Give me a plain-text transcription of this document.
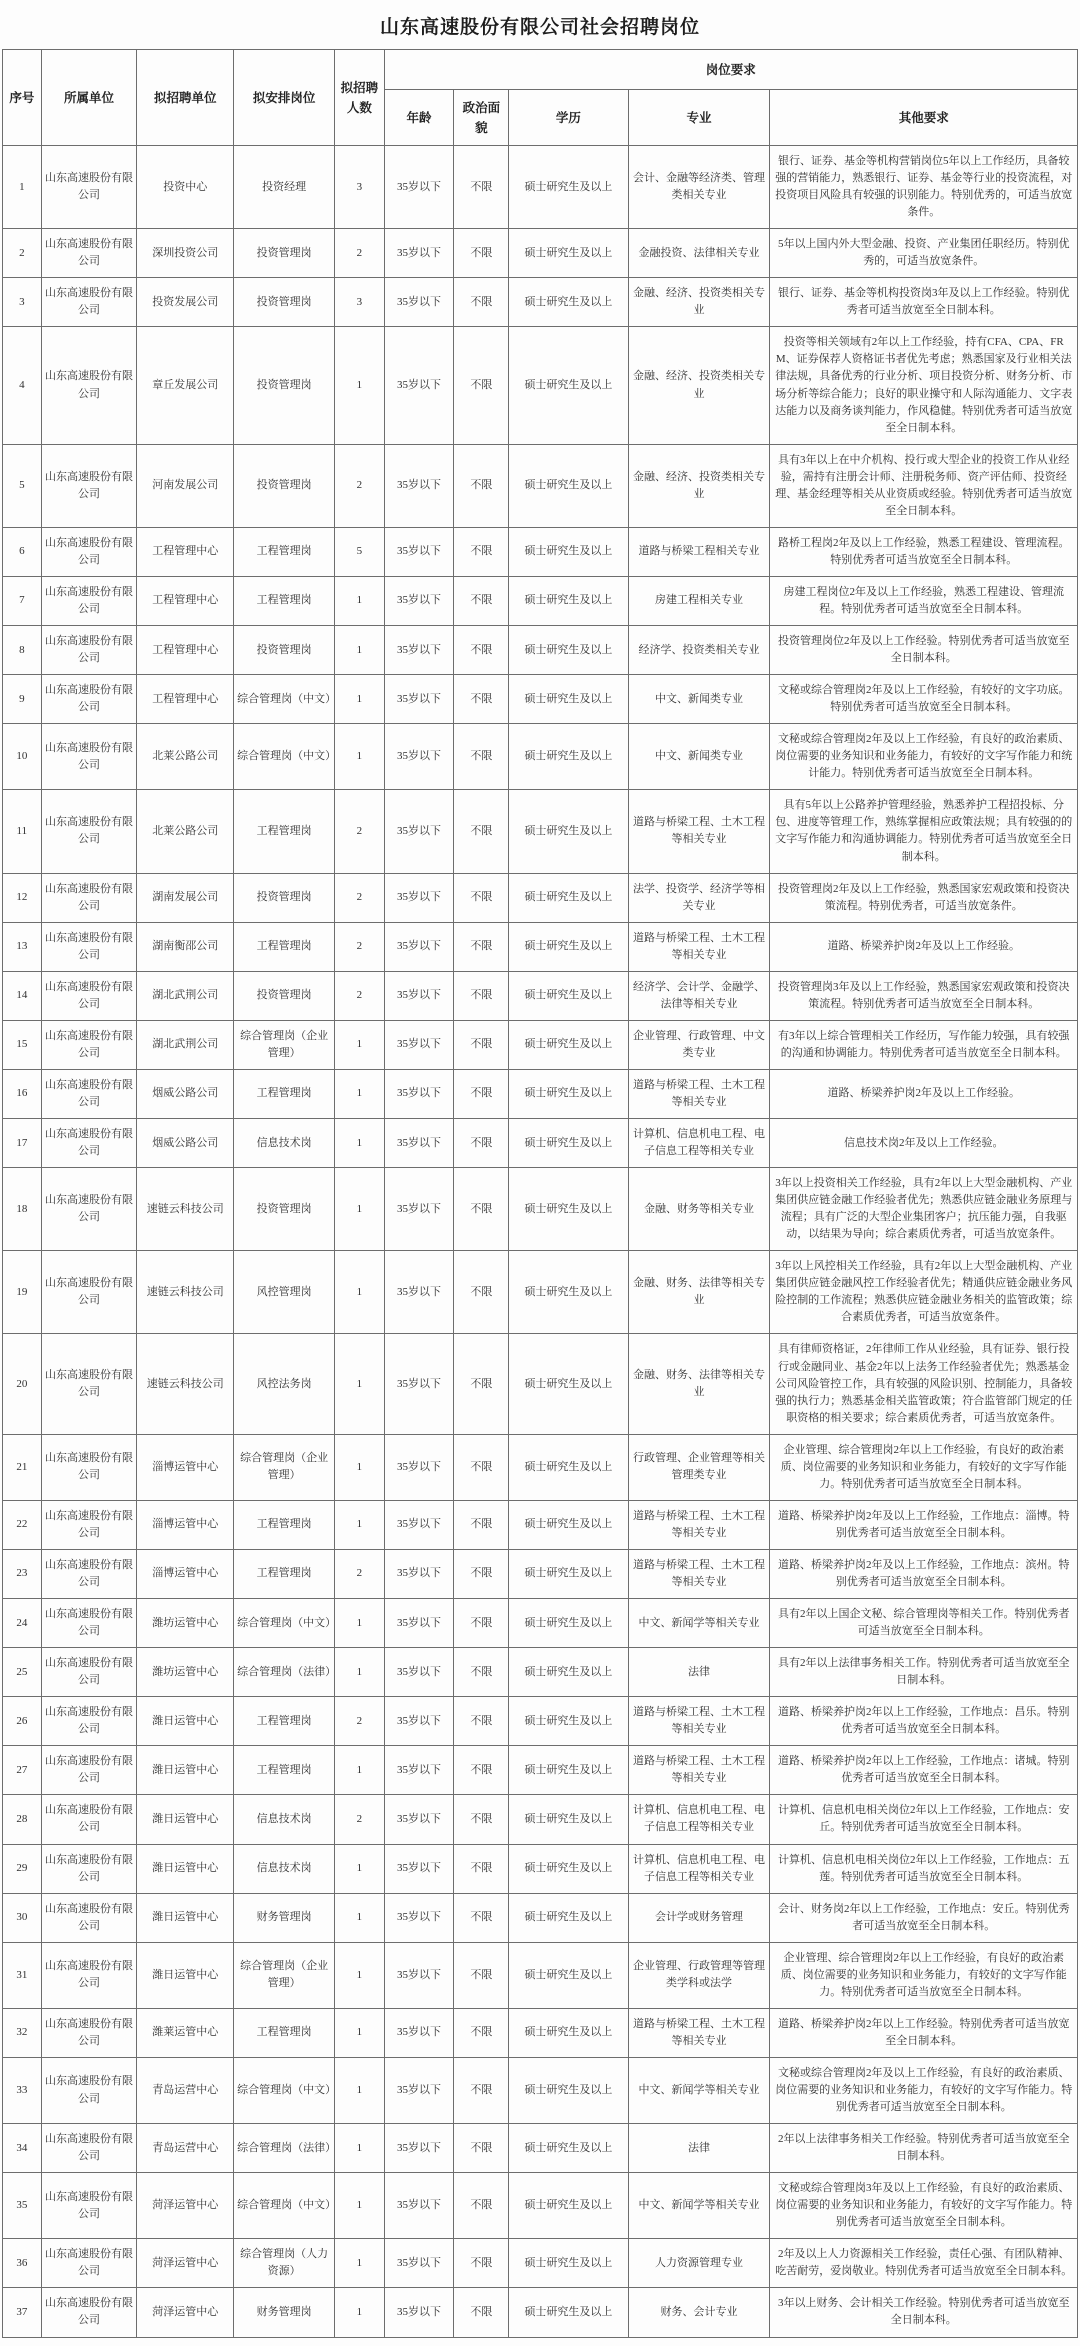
山东高速股份有限公司社会招聘岗位
序号	所属单位	拟招聘单位	拟安排岗位	拟招聘人数	岗位要求				
					年龄	政治面貌	学历	专业	其他要求
1	山东高速股份有限公司	投资中心	投资经理	3	35岁以下	不限	硕士研究生及以上	会计、金融等经济类、管理类相关专业	银行、证券、基金等机构营销岗位5年以上工作经历，具备较强的营销能力，熟悉银行、证券、基金等行业的投资流程，对投资项目风险具有较强的识别能力。特别优秀的，可适当放宽条件。
2	山东高速股份有限公司	深圳投资公司	投资管理岗	2	35岁以下	不限	硕士研究生及以上	金融投资、法律相关专业	5年以上国内外大型金融、投资、产业集团任职经历。特别优秀的，可适当放宽条件。
3	山东高速股份有限公司	投资发展公司	投资管理岗	3	35岁以下	不限	硕士研究生及以上	金融、经济、投资类相关专业	银行、证券、基金等机构投资岗3年及以上工作经验。特别优秀者可适当放宽至全日制本科。
4	山东高速股份有限公司	章丘发展公司	投资管理岗	1	35岁以下	不限	硕士研究生及以上	金融、经济、投资类相关专业	投资等相关领域有2年以上工作经验，持有CFA、CPA、FRM、证券保荐人资格证书者优先考虑；熟悉国家及行业相关法律法规，具备优秀的行业分析、项目投资分析、财务分析、市场分析等综合能力；良好的职业操守和人际沟通能力、文字表达能力以及商务谈判能力，作风稳健。特别优秀者可适当放宽至全日制本科。
5	山东高速股份有限公司	河南发展公司	投资管理岗	2	35岁以下	不限	硕士研究生及以上	金融、经济、投资类相关专业	具有3年以上在中介机构、投行或大型企业的投资工作从业经验，需持有注册会计师、注册税务师、资产评估师、投资经理、基金经理等相关从业资质或经验。特别优秀者可适当放宽至全日制本科。
6	山东高速股份有限公司	工程管理中心	工程管理岗	5	35岁以下	不限	硕士研究生及以上	道路与桥梁工程相关专业	路桥工程岗2年及以上工作经验，熟悉工程建设、管理流程。特别优秀者可适当放宽至全日制本科。
7	山东高速股份有限公司	工程管理中心	工程管理岗	1	35岁以下	不限	硕士研究生及以上	房建工程相关专业	房建工程岗位2年及以上工作经验，熟悉工程建设、管理流程。特别优秀者可适当放宽至全日制本科。
8	山东高速股份有限公司	工程管理中心	投资管理岗	1	35岁以下	不限	硕士研究生及以上	经济学、投资类相关专业	投资管理岗位2年及以上工作经验。特别优秀者可适当放宽至全日制本科。
9	山东高速股份有限公司	工程管理中心	综合管理岗（中文）	1	35岁以下	不限	硕士研究生及以上	中文、新闻类专业	文秘或综合管理岗2年及以上工作经验，有较好的文字功底。特别优秀者可适当放宽至全日制本科。
10	山东高速股份有限公司	北莱公路公司	综合管理岗（中文）	1	35岁以下	不限	硕士研究生及以上	中文、新闻类专业	文秘或综合管理岗2年及以上工作经验，有良好的政治素质、岗位需要的业务知识和业务能力，有较好的文字写作能力和统计能力。特别优秀者可适当放宽至全日制本科。
11	山东高速股份有限公司	北莱公路公司	工程管理岗	2	35岁以下	不限	硕士研究生及以上	道路与桥梁工程、土木工程等相关专业	具有5年以上公路养护管理经验，熟悉养护工程招投标、分包、进度等管理工作，熟练掌握相应政策法规；具有较强的的文字写作能力和沟通协调能力。特别优秀者可适当放宽至全日制本科。
12	山东高速股份有限公司	湖南发展公司	投资管理岗	2	35岁以下	不限	硕士研究生及以上	法学、投资学、经济学等相关专业	投资管理岗2年及以上工作经验，熟悉国家宏观政策和投资决策流程。特别优秀者，可适当放宽条件。
13	山东高速股份有限公司	湖南衡邵公司	工程管理岗	2	35岁以下	不限	硕士研究生及以上	道路与桥梁工程、土木工程等相关专业	道路、桥梁养护岗2年及以上工作经验。
14	山东高速股份有限公司	湖北武荆公司	投资管理岗	2	35岁以下	不限	硕士研究生及以上	经济学、会计学、金融学、法律等相关专业	投资管理岗3年及以上工作经验，熟悉国家宏观政策和投资决策流程。特别优秀者可适当放宽至全日制本科。
15	山东高速股份有限公司	湖北武荆公司	综合管理岗（企业管理）	1	35岁以下	不限	硕士研究生及以上	企业管理、行政管理、中文类专业	有3年以上综合管理相关工作经历，写作能力较强，具有较强的沟通和协调能力。特别优秀者可适当放宽至全日制本科。
16	山东高速股份有限公司	烟威公路公司	工程管理岗	1	35岁以下	不限	硕士研究生及以上	道路与桥梁工程、土木工程等相关专业	道路、桥梁养护岗2年及以上工作经验。
17	山东高速股份有限公司	烟威公路公司	信息技术岗	1	35岁以下	不限	硕士研究生及以上	计算机、信息机电工程、电子信息工程等相关专业	信息技术岗2年及以上工作经验。
18	山东高速股份有限公司	速链云科技公司	投资管理岗	1	35岁以下	不限	硕士研究生及以上	金融、财务等相关专业	3年以上投资相关工作经验，具有2年以上大型金融机构、产业集团供应链金融工作经验者优先；熟悉供应链金融业务原理与流程；具有广泛的大型企业集团客户；抗压能力强，自我驱动，以结果为导向；综合素质优秀者，可适当放宽条件。
19	山东高速股份有限公司	速链云科技公司	风控管理岗	1	35岁以下	不限	硕士研究生及以上	金融、财务、法律等相关专业	3年以上风控相关工作经验，具有2年以上大型金融机构、产业集团供应链金融风控工作经验者优先；精通供应链金融业务风险控制的工作流程；熟悉供应链金融业务相关的监管政策；综合素质优秀者，可适当放宽条件。
20	山东高速股份有限公司	速链云科技公司	风控法务岗	1	35岁以下	不限	硕士研究生及以上	金融、财务、法律等相关专业	具有律师资格证，2年律师工作从业经验，具有证券、银行投行或金融同业、基金2年以上法务工作经验者优先；熟悉基金公司风险管控工作，具有较强的风险识别、控制能力，具备较强的执行力；熟悉基金相关监管政策；符合监管部门规定的任职资格的相关要求；综合素质优秀者，可适当放宽条件。
21	山东高速股份有限公司	淄博运管中心	综合管理岗（企业管理）	1	35岁以下	不限	硕士研究生及以上	行政管理、企业管理等相关管理类专业	企业管理、综合管理岗2年以上工作经验，有良好的政治素质、岗位需要的业务知识和业务能力，有较好的文字写作能力。特别优秀者可适当放宽至全日制本科。
22	山东高速股份有限公司	淄博运管中心	工程管理岗	1	35岁以下	不限	硕士研究生及以上	道路与桥梁工程、土木工程等相关专业	道路、桥梁养护岗2年及以上工作经验，工作地点：淄博。特别优秀者可适当放宽至全日制本科。
23	山东高速股份有限公司	淄博运管中心	工程管理岗	2	35岁以下	不限	硕士研究生及以上	道路与桥梁工程、土木工程等相关专业	道路、桥梁养护岗2年及以上工作经验，工作地点：滨州。特别优秀者可适当放宽至全日制本科。
24	山东高速股份有限公司	潍坊运管中心	综合管理岗（中文）	1	35岁以下	不限	硕士研究生及以上	中文、新闻学等相关专业	具有2年以上国企文秘、综合管理岗等相关工作。特别优秀者可适当放宽至全日制本科。
25	山东高速股份有限公司	潍坊运管中心	综合管理岗（法律）	1	35岁以下	不限	硕士研究生及以上	法律	具有2年以上法律事务相关工作。特别优秀者可适当放宽至全日制本科。
26	山东高速股份有限公司	潍日运管中心	工程管理岗	2	35岁以下	不限	硕士研究生及以上	道路与桥梁工程、土木工程等相关专业	道路、桥梁养护岗2年以上工作经验，工作地点：昌乐。特别优秀者可适当放宽至全日制本科。
27	山东高速股份有限公司	潍日运管中心	工程管理岗	1	35岁以下	不限	硕士研究生及以上	道路与桥梁工程、土木工程等相关专业	道路、桥梁养护岗2年以上工作经验，工作地点：诸城。特别优秀者可适当放宽至全日制本科。
28	山东高速股份有限公司	潍日运管中心	信息技术岗	2	35岁以下	不限	硕士研究生及以上	计算机、信息机电工程、电子信息工程等相关专业	计算机、信息机电相关岗位2年以上工作经验，工作地点：安丘。特别优秀者可适当放宽至全日制本科。
29	山东高速股份有限公司	潍日运管中心	信息技术岗	1	35岁以下	不限	硕士研究生及以上	计算机、信息机电工程、电子信息工程等相关专业	计算机、信息机电相关岗位2年以上工作经验，工作地点：五莲。特别优秀者可适当放宽至全日制本科。
30	山东高速股份有限公司	潍日运管中心	财务管理岗	1	35岁以下	不限	硕士研究生及以上	会计学或财务管理	会计、财务岗2年以上工作经验，工作地点：安丘。特别优秀者可适当放宽至全日制本科。
31	山东高速股份有限公司	潍日运管中心	综合管理岗（企业管理）	1	35岁以下	不限	硕士研究生及以上	企业管理、行政管理等管理类学科或法学	企业管理、综合管理岗2年以上工作经验，有良好的政治素质、岗位需要的业务知识和业务能力，有较好的文字写作能力。特别优秀者可适当放宽至全日制本科。
32	山东高速股份有限公司	潍莱运管中心	工程管理岗	1	35岁以下	不限	硕士研究生及以上	道路与桥梁工程、土木工程等相关专业	道路、桥梁养护岗2年以上工作经验。特别优秀者可适当放宽至全日制本科。
33	山东高速股份有限公司	青岛运营中心	综合管理岗（中文）	1	35岁以下	不限	硕士研究生及以上	中文、新闻学等相关专业	文秘或综合管理岗2年及以上工作经验，有良好的政治素质、岗位需要的业务知识和业务能力，有较好的文字写作能力。特别优秀者可适当放宽至全日制本科。
34	山东高速股份有限公司	青岛运营中心	综合管理岗（法律）	1	35岁以下	不限	硕士研究生及以上	法律	2年以上法律事务相关工作经验。特别优秀者可适当放宽至全日制本科。
35	山东高速股份有限公司	菏泽运管中心	综合管理岗（中文）	1	35岁以下	不限	硕士研究生及以上	中文、新闻学等相关专业	文秘或综合管理岗3年及以上工作经验，有良好的政治素质、岗位需要的业务知识和业务能力，有较好的文字写作能力。特别优秀者可适当放宽至全日制本科。
36	山东高速股份有限公司	菏泽运管中心	综合管理岗（人力资源）	1	35岁以下	不限	硕士研究生及以上	人力资源管理专业	2年及以上人力资源相关工作经验，责任心强、有团队精神、吃苦耐劳，爱岗敬业。特别优秀者可适当放宽至全日制本科。
37	山东高速股份有限公司	菏泽运管中心	财务管理岗	1	35岁以下	不限	硕士研究生及以上	财务、会计专业	3年以上财务、会计相关工作经验。特别优秀者可适当放宽至全日制本科。
